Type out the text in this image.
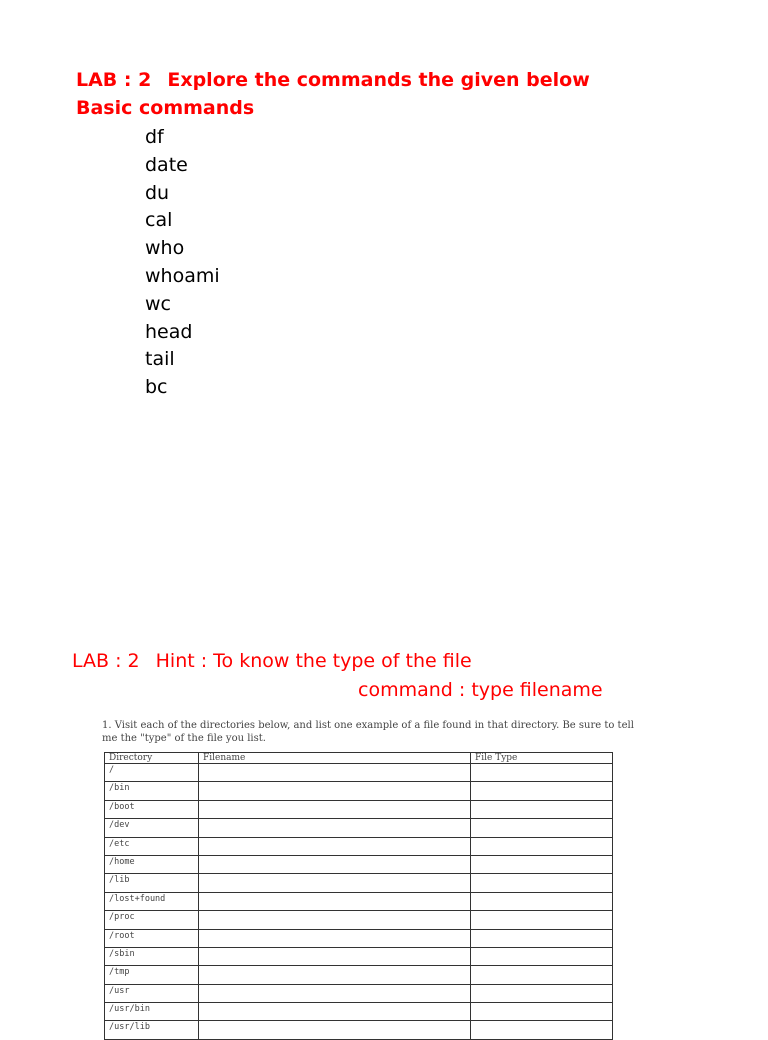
LAB : 2 Explore the commands the given below
Basic commands
df
date
du
cal
who
whoami
wc
head
tail
bc
LAB : 2 Hint : To know the type of the file
command : type filename
1. Visit each of the directories below, and list one example of a file found in that directory. Be sure to tell me the "type" of the file you list.
Directory	Filename	File Type
/		
/bin		
/boot		
/dev		
/etc		
/home		
/lib		
/lost+found		
/proc		
/root		
/sbin		
/tmp		
/usr		
/usr/bin		
/usr/lib		
